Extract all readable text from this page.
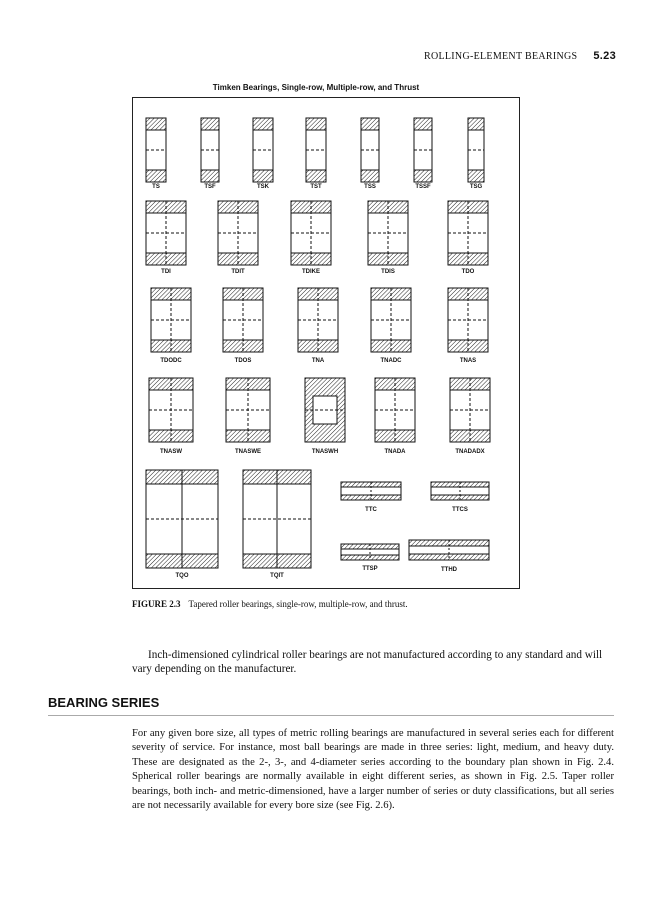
ROLLING-ELEMENT BEARINGS 5.23
Timken Bearings, Single-row, Multiple-row, and Thrust
TS	TSF	TSK	TST	TSS	TSSF	TSG
TDI	TDIT	TDIKE	TDIS	TDO
TDODC	TDOS	TNA	TNADC	TNAS
TNASW	TNASWE	TNASWH	TNADA	TNADADX
TQO	TQIT
TTC	TTCS
TTSP	TTHD
FIGURE 2.3 Tapered roller bearings, single-row, multiple-row, and thrust.

Inch-dimensioned cylindrical roller bearings are not manufactured according to any standard and will vary depending on the manufacturer.

BEARING SERIES

For any given bore size, all types of metric rolling bearings are manufactured in several series each for different severity of service. For instance, most ball bearings are made in three series: light, medium, and heavy duty. These are designated as the 2-, 3-, and 4-diameter series according to the boundary plan shown in Fig. 2.4. Spherical roller bearings are normally available in eight different series, as shown in Fig. 2.5. Taper roller bearings, both inch- and metric-dimensioned, have a larger number of series or duty classifications, but all series are not necessarily available for every bore size (see Fig. 2.6).
